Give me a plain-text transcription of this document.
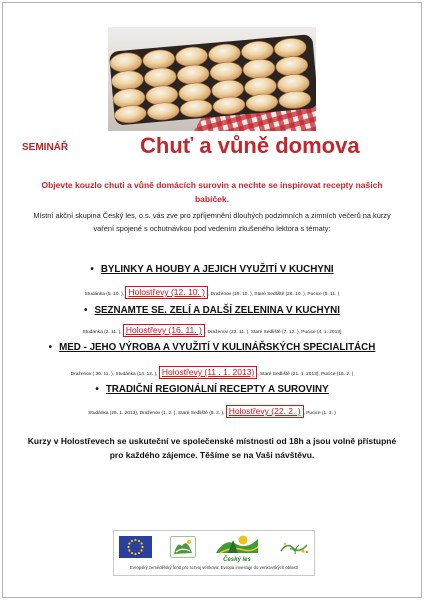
SEMINÁŘ	Chuť a vůně domova

Objevte kouzlo chuti a vůně domácích surovin a nechte se inspirovat recepty našich babiček.

Místní akční skupina Český les, o.s. vás zve pro zpříjemnění dlouhých podzimních a zimních večerů na kurzy vaření spojené s ochutnávkou pod vedením zkušeného lektora s tématy:

•BYLINKY A HOUBY A JEJICH VYUŽITÍ V KUCHYNI
Studánka (5. 10. ), Holostřevy (12. 10. ) , Draženov (19. 10. ), Staré Sedliště (26. 10. ), Pucice (9. 11. )
•SEZNAMTE SE. ZELÍ A DALŠÍ ZELENINA V KUCHYNI
Studánka (2. 11. ), Holostřevy (16. 11. ) , Draženov (23. 11. ), Staré Sedliště (7. 12. ), Pucice (4. 1. 2013)
•MED - JEHO VÝROBA A VYUŽITÍ V KULINÁŘSKÝCH SPECIALITÁCH
Draženov ( 30. 11. ), Studánka (14. 12. ), Holostřevy (11 . 1. 2013) , Staré Sedliště (21. 1. 2013), Pucice (15. 2. )
•TRADIČNÍ REGIONÁLNÍ RECEPTY A SUROVINY
Studánka (25. 1. 2013), Draženov (1. 2. ), Staré Sedliště (8. 2. ), Holostřevy (22. 2. ) , Pucice (1. 3. )

Kurzy v Holostřevech se uskuteční ve společenské místnosti od 18h a jsou volně přístupné pro každého zájemce. Těšíme se na Vaši návštěvu.

Český les
Evropský zemědělský fond pro rozvoj venkova: Evropa investuje do venkovských oblastí
